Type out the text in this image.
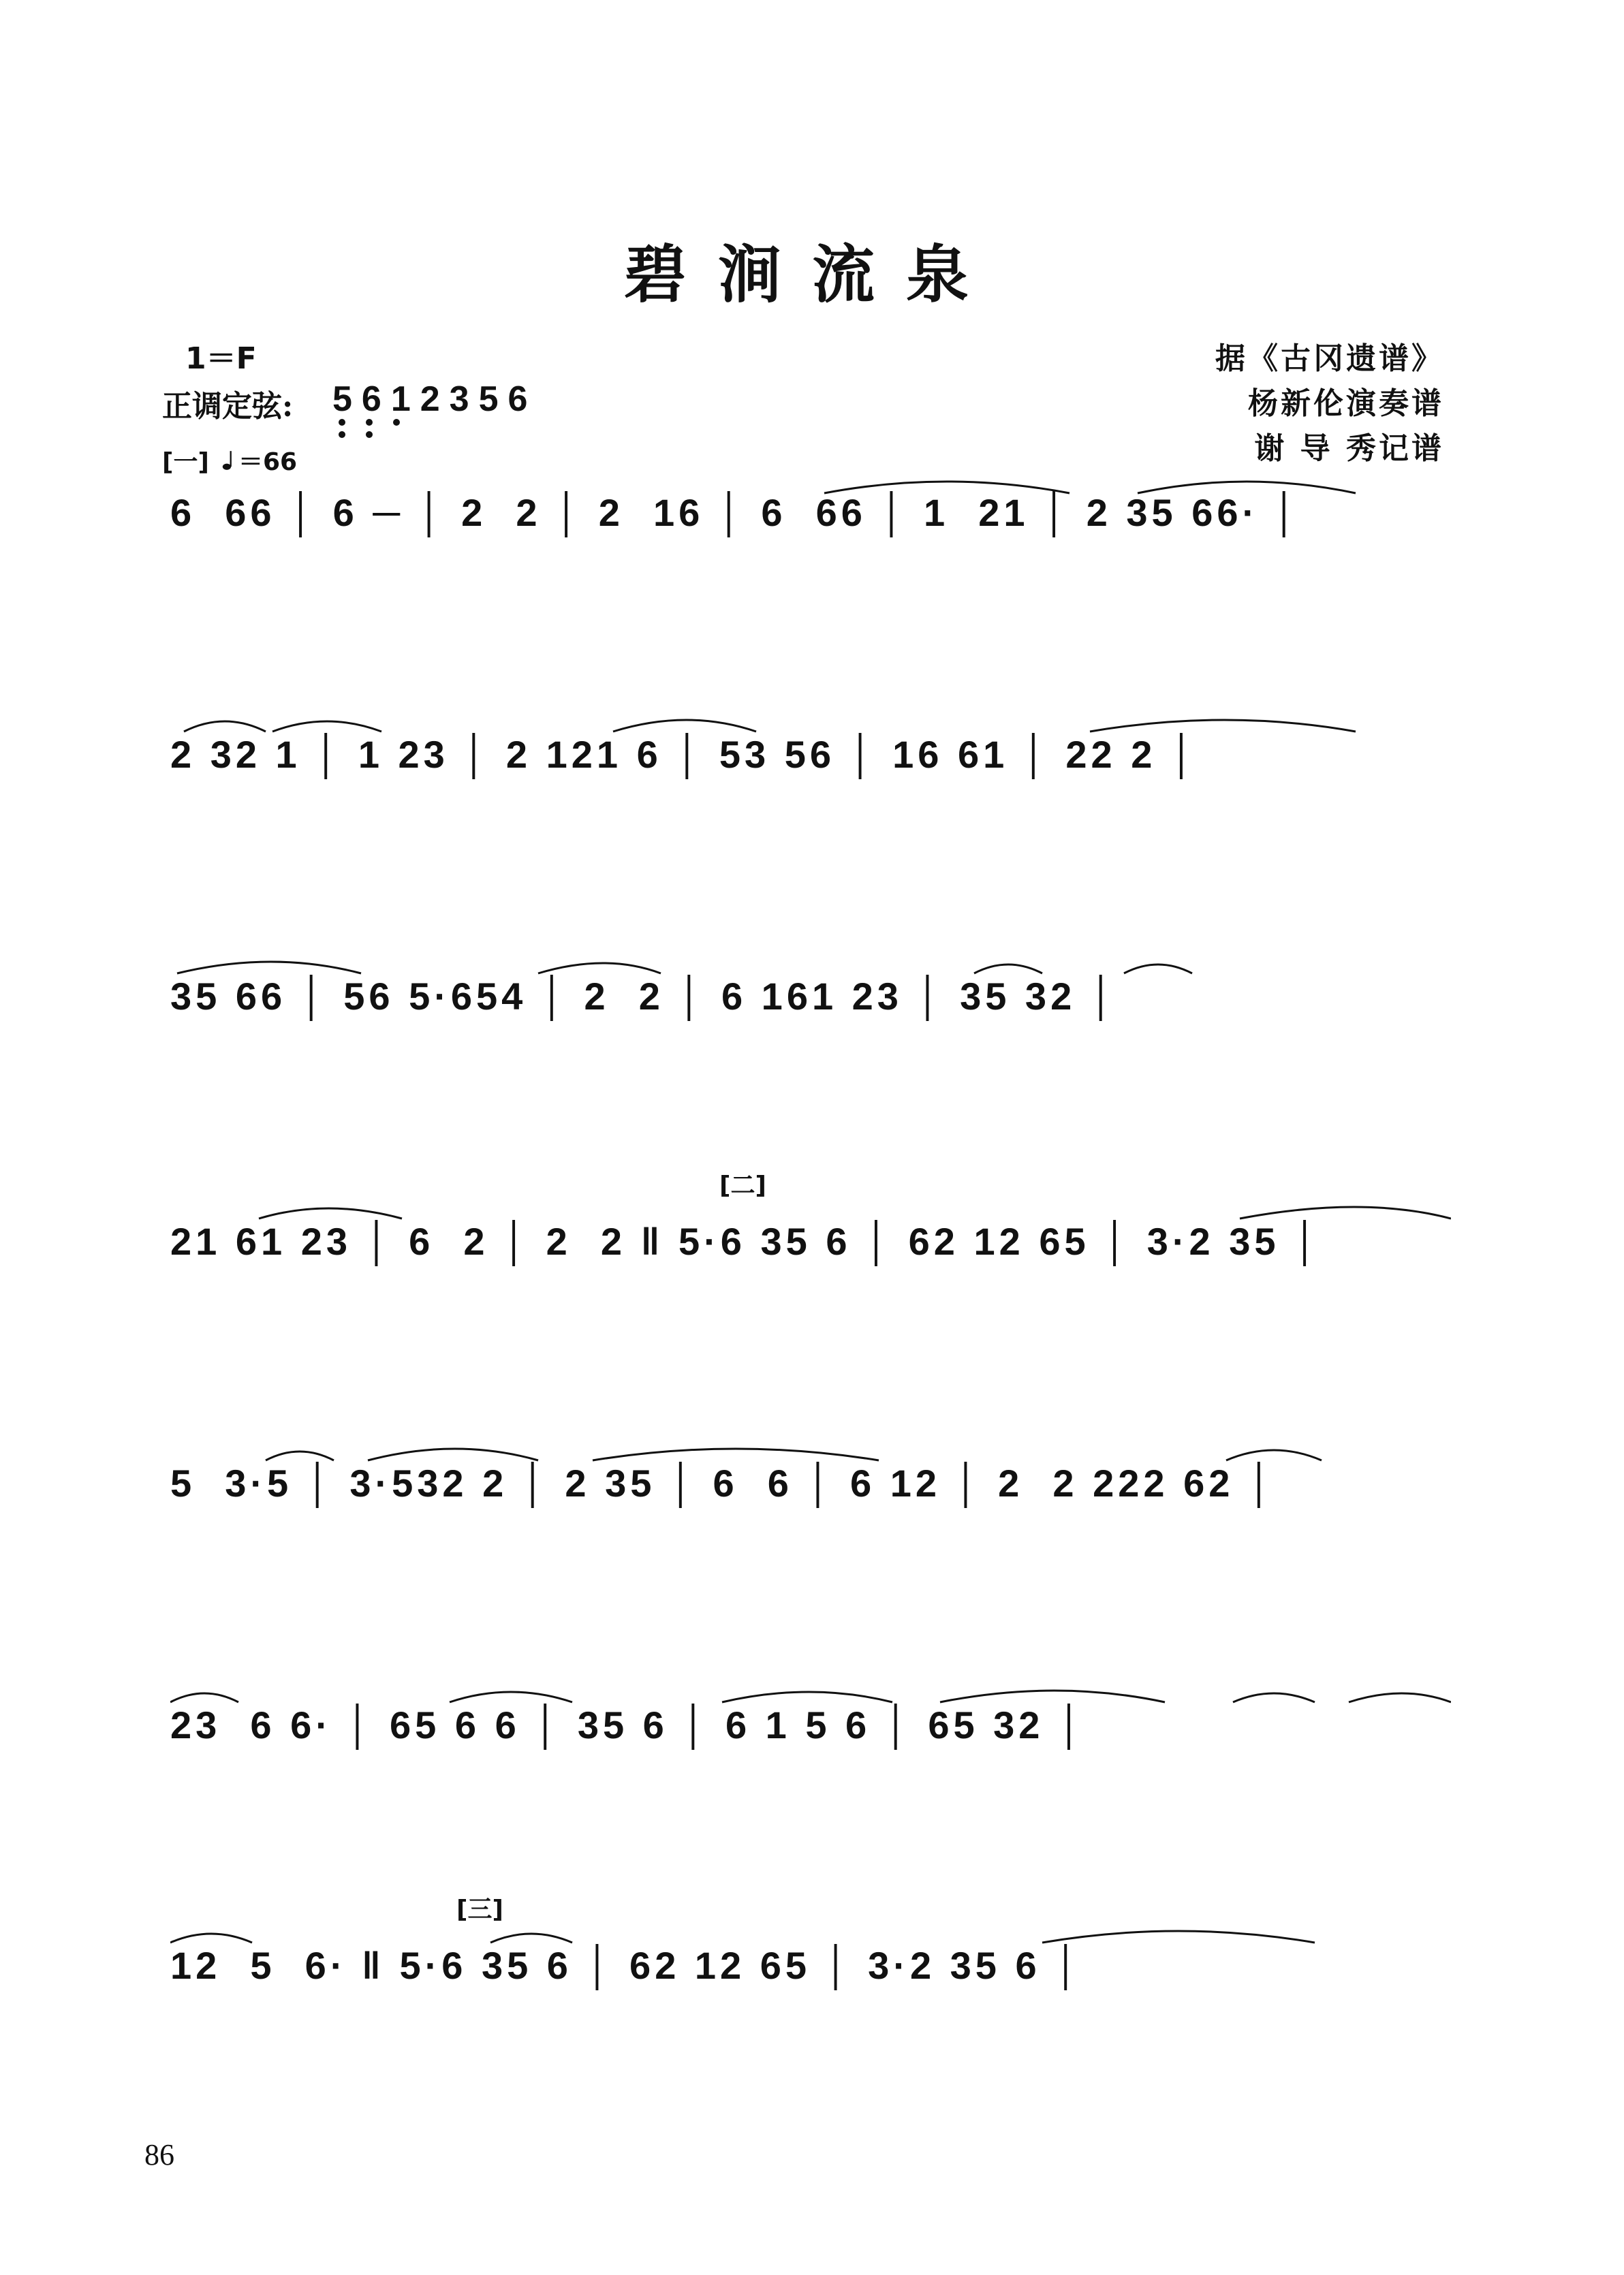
碧涧流泉
1＝F
正调定弦: 5612356
[一]	＝66
据《古冈遗谱》
杨新伦演奏谱
谢 导 秀记谱
6  66 │ 6 ─ │ 2  2 │ 2  16 │ 6  66 │ 1  21 │ 2 35 66· │
2 32 1 │ 1 23 │ 2 121 6 │ 53 56 │ 16 61 │ 22 2 │
35 66 │ 56 5·654 │ 2  2 │ 6 161 23 │ 35 32 │
[二]
21 61 23 │ 6  2 │ 2  2 ‖ 5·6 35 6 │ 62 12 65 │ 3·2 35 │
5  3·5 │ 3·532 2 │ 2 35 │ 6  6 │ 6 12 │ 2  2 222 62 │
23  6 6· │ 65 6 6 │ 35 6 │ 6 1 5 6 │ 65 32 │
[三]
12  5  6· ‖ 5·6 35 6 │ 62 12 65 │ 3·2 35 6 │
86
